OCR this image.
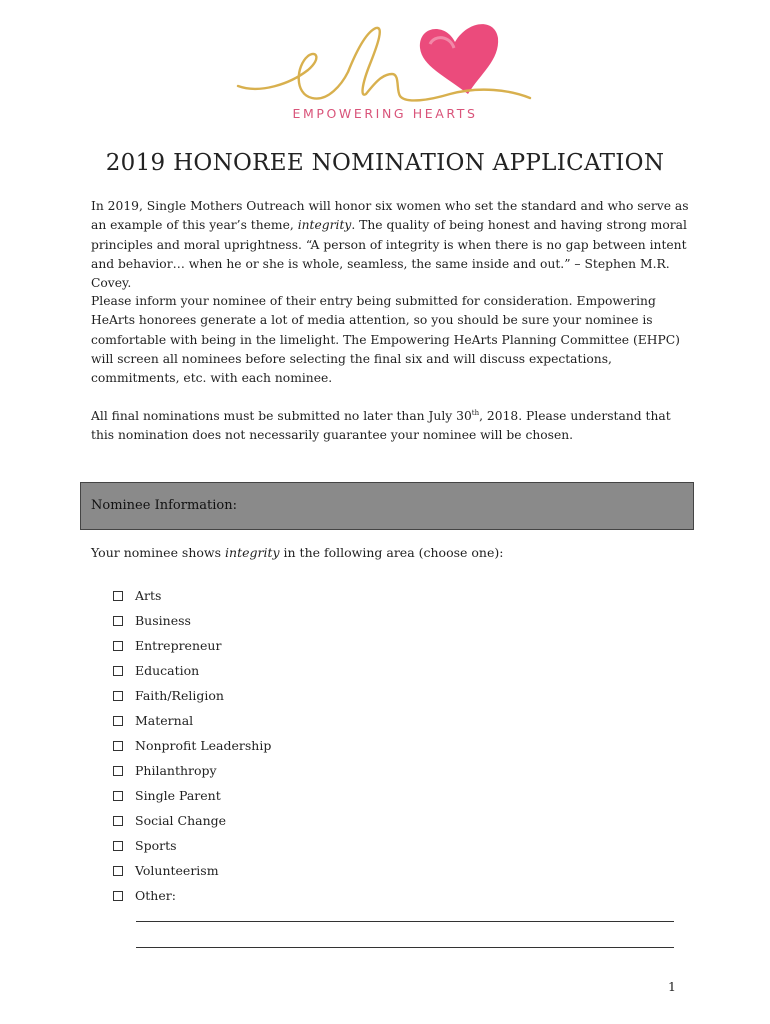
EMPOWERING HEARTS
2019 HONOREE NOMINATION APPLICATION

In 2019, Single Mothers Outreach will honor six women who set the standard and who serve as an example of this year’s theme, integrity. The quality of being honest and having strong moral principles and moral uprightness. “A person of integrity is when there is no gap between intent and behavior… when he or she is whole, seamless, the same inside and out.” – Stephen M.R. Covey.

Please inform your nominee of their entry being submitted for consideration. Empowering HeArts honorees generate a lot of media attention, so you should be sure your nominee is comfortable with being in the limelight. The Empowering HeArts Planning Committee (EHPC) will screen all nominees before selecting the final six and will discuss expectations, commitments, etc. with each nominee.

All final nominations must be submitted no later than July 30th, 2018. Please understand that this nomination does not necessarily guarantee your nominee will be chosen.

Nominee Information:

Your nominee shows integrity in the following area (choose one):

Arts
Business
Entrepreneur
Education
Faith/Religion
Maternal
Nonprofit Leadership
Philanthropy
Single Parent
Social Change
Sports
Volunteerism
Other:
1
